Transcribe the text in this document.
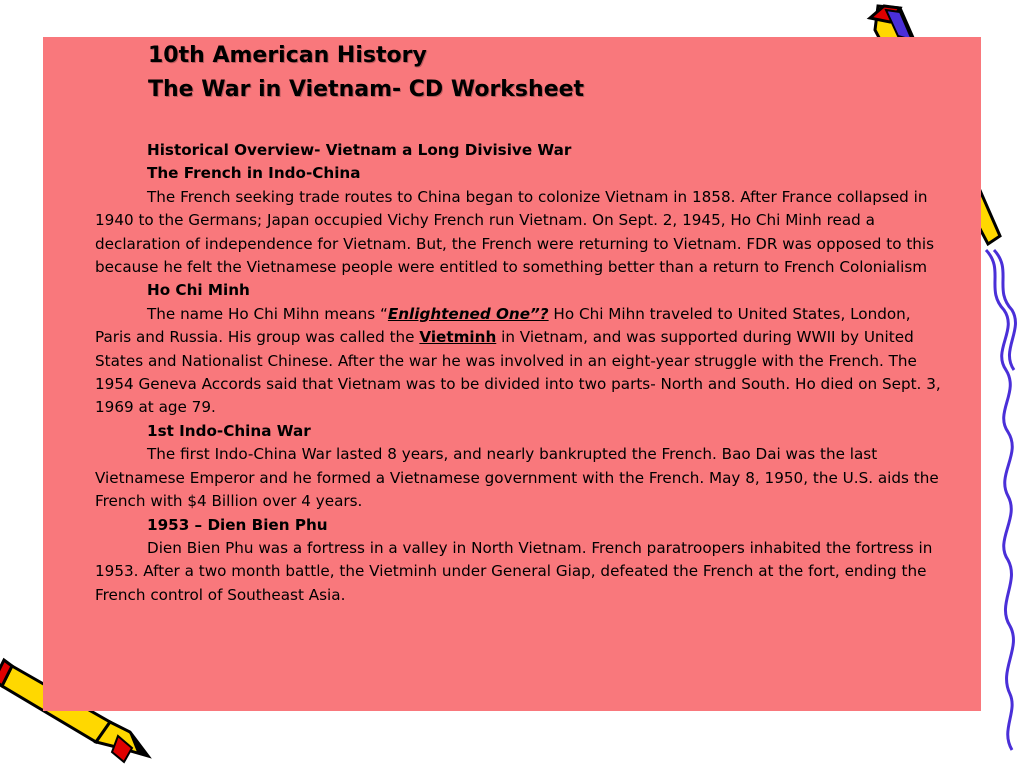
10th American History
The War in Vietnam- CD Worksheet

Historical Overview- Vietnam a Long Divisive War

The French in Indo-China

The French seeking trade routes to China began to colonize Vietnam in 1858. After France collapsed in 1940 to the Germans; Japan occupied Vichy French run Vietnam. On Sept. 2, 1945, Ho Chi Minh read a declaration of independence for Vietnam. But, the French were returning to Vietnam. FDR was opposed to this because he felt the Vietnamese people were entitled to something better than a return to French Colonialism

Ho Chi Minh

The name Ho Chi Mihn means “Enlightened One”? Ho Chi Mihn traveled to United States, London, Paris and Russia. His group was called the Vietminh in Vietnam, and was supported during WWII by United States and Nationalist Chinese. After the war he was involved in an eight-year struggle with the French. The 1954 Geneva Accords said that Vietnam was to be divided into two parts- North and South. Ho died on Sept. 3, 1969 at age 79.

1st Indo-China War

The first Indo-China War lasted 8 years, and nearly bankrupted the French. Bao Dai was the last Vietnamese Emperor and he formed a Vietnamese government with the French. May 8, 1950, the U.S. aids the French with $4 Billion over 4 years.

1953 – Dien Bien Phu

Dien Bien Phu was a fortress in a valley in North Vietnam. French paratroopers inhabited the fortress in 1953. After a two month battle, the Vietminh under General Giap, defeated the French at the fort, ending the French control of Southeast Asia.
